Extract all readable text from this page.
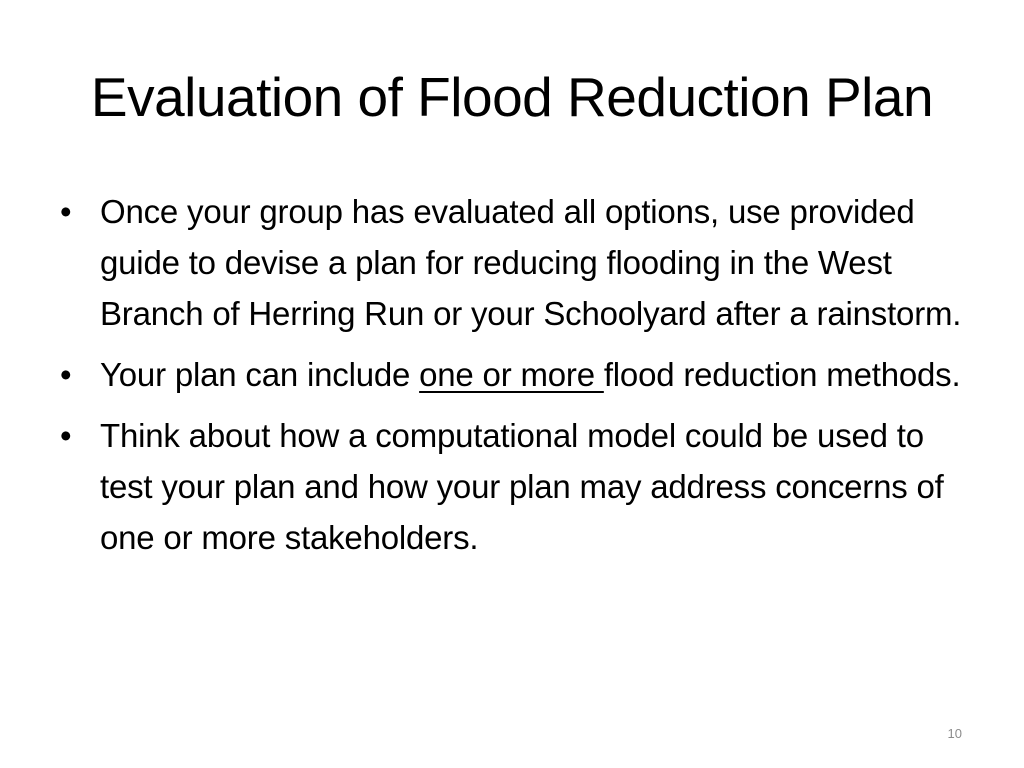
Evaluation of Flood Reduction Plan
• Once your group has evaluated all options, use provided guide to devise a plan for reducing flooding in the West Branch of Herring Run or your Schoolyard after a rainstorm.
• Your plan can include one or more flood reduction methods.
• Think about how a computational model could be used to test your plan and how your plan may address concerns of one or more stakeholders.
10
